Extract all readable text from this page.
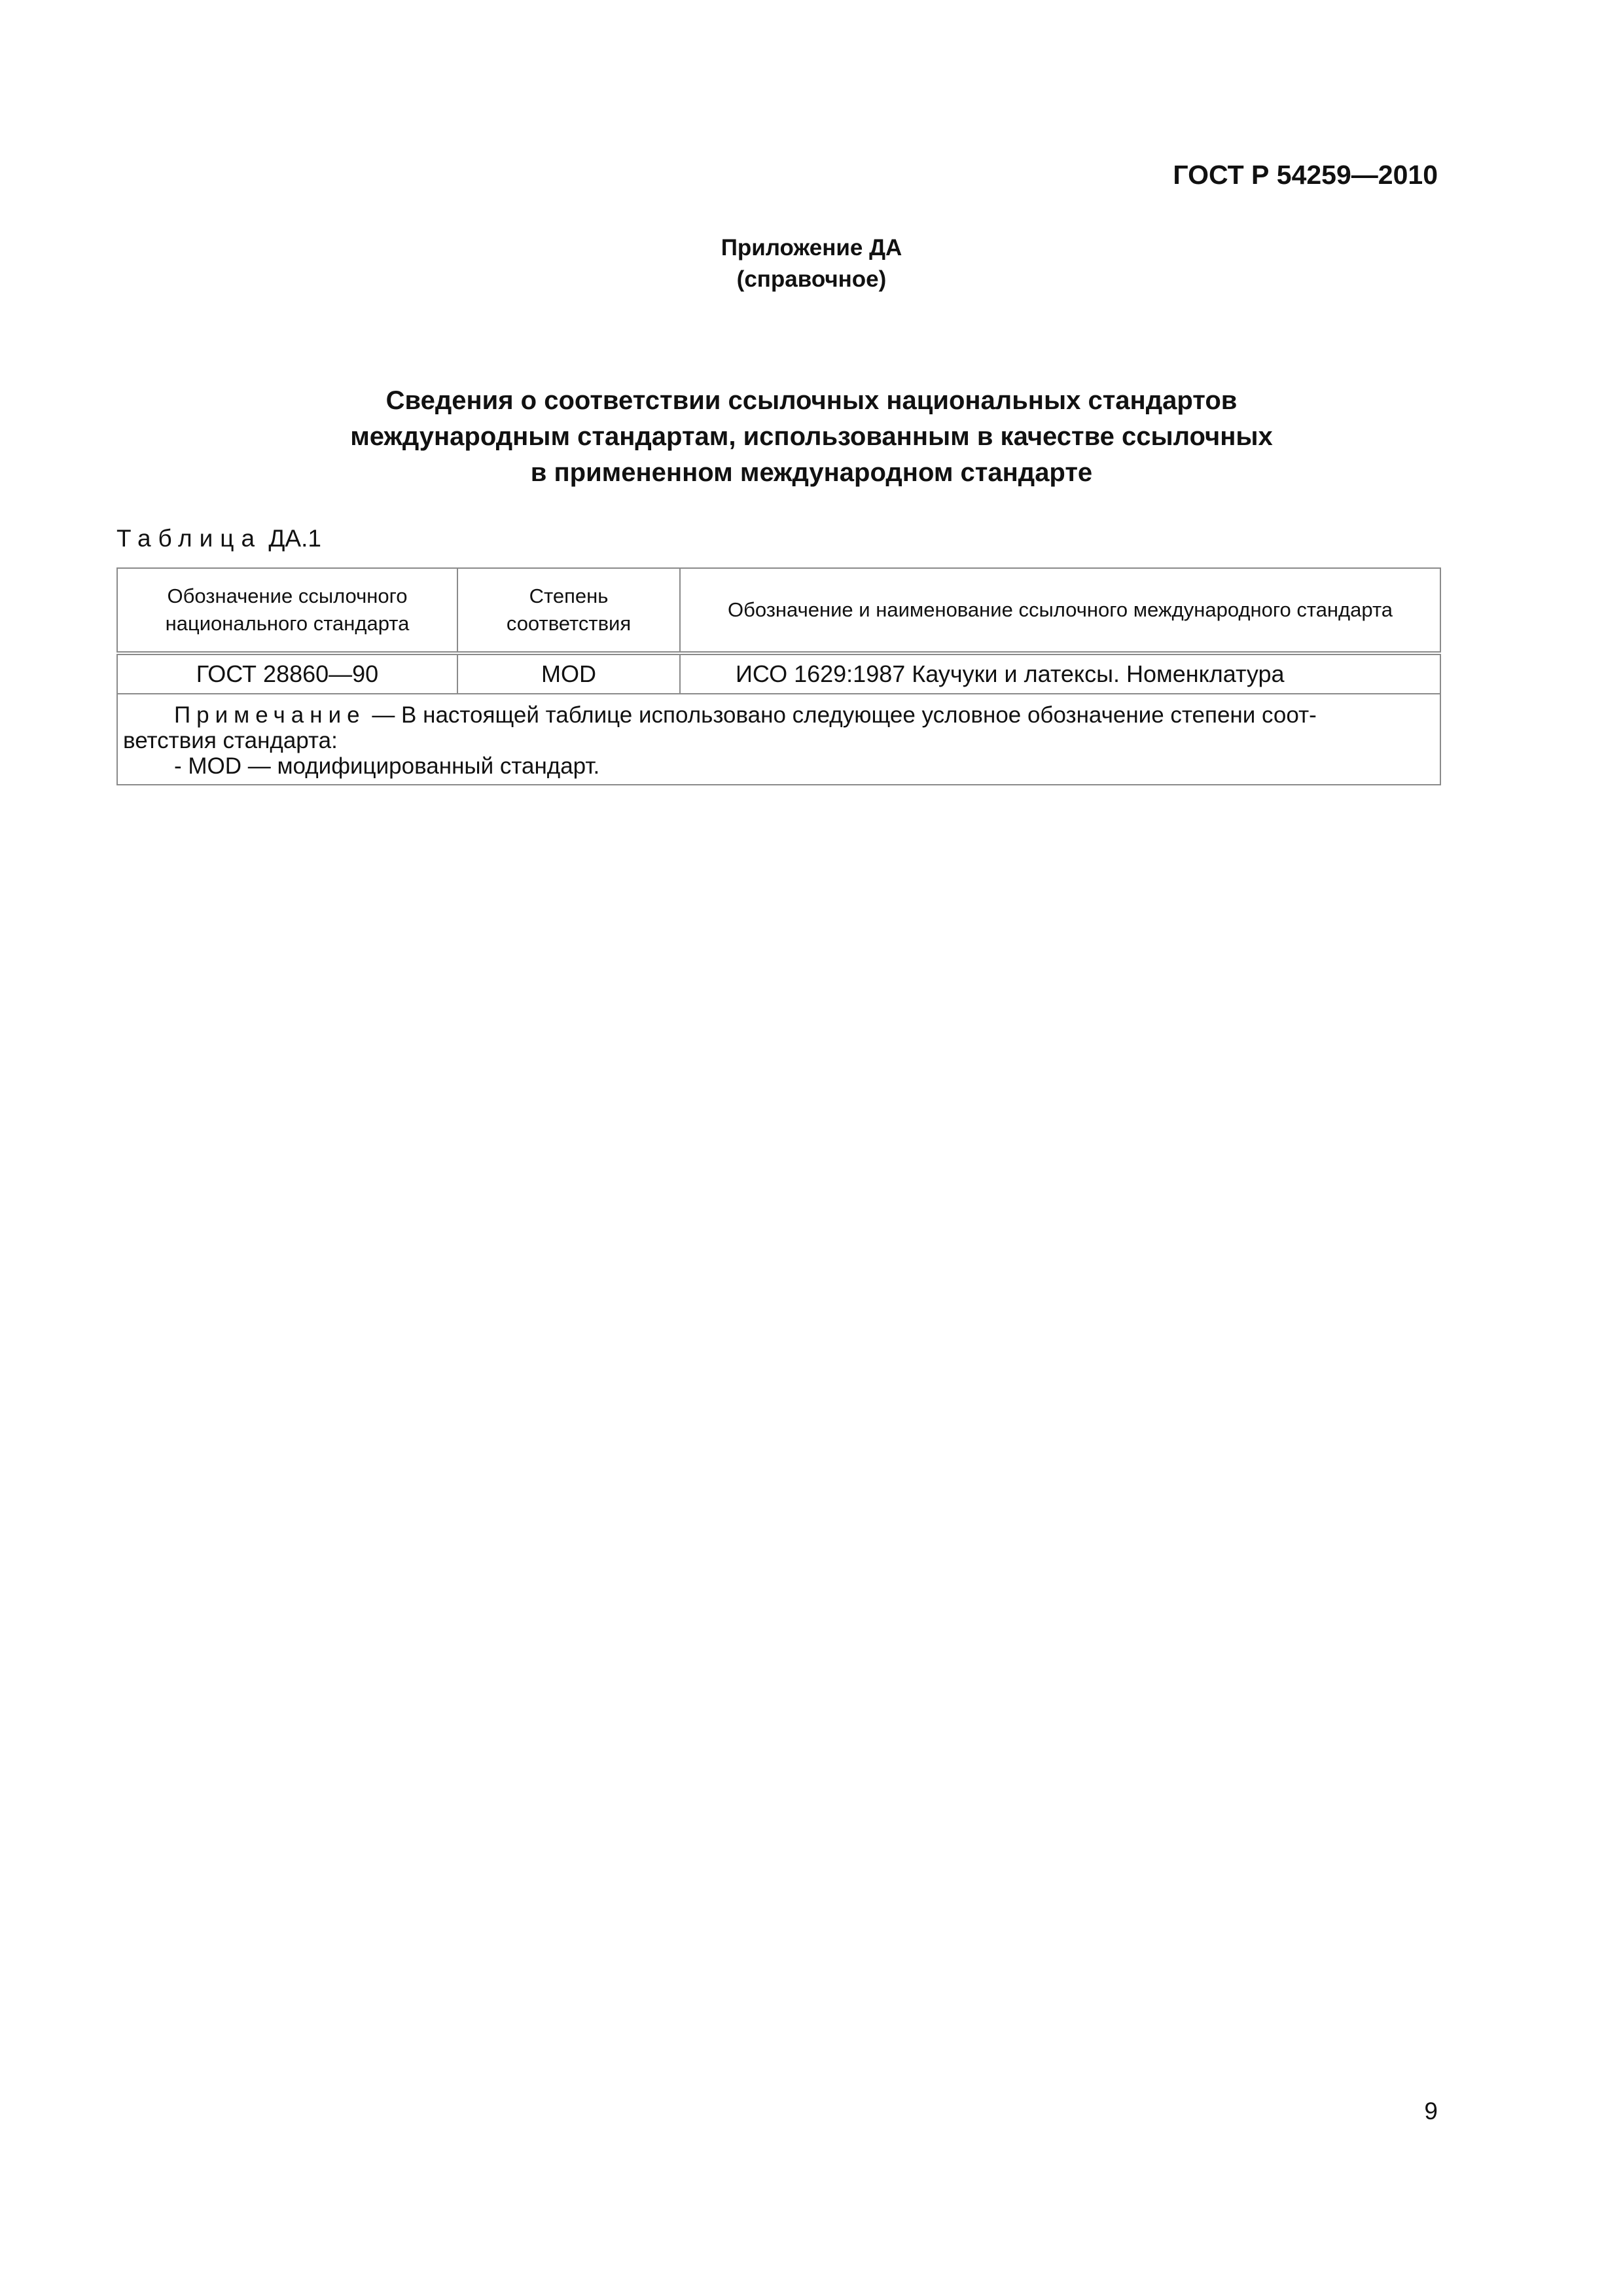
ГОСТ Р 54259—2010
Приложение ДА
(справочное)
Сведения о соответствии ссылочных национальных стандартов
международным стандартам, использованным в качестве ссылочных
в примененном международном стандарте
Таблица ДА.1
Обозначение ссылочного национального стандарта	Степень соответствия	Обозначение и наименование ссылочного международного стандарта
ГОСТ 28860—90	MOD	ИСО 1629:1987 Каучуки и латексы. Номенклатура

Примечание — В настоящей таблице использовано следующее условное обозначение степени соот-
ветствия стандарта:
- MOD — модифицированный стандарт.		
9
